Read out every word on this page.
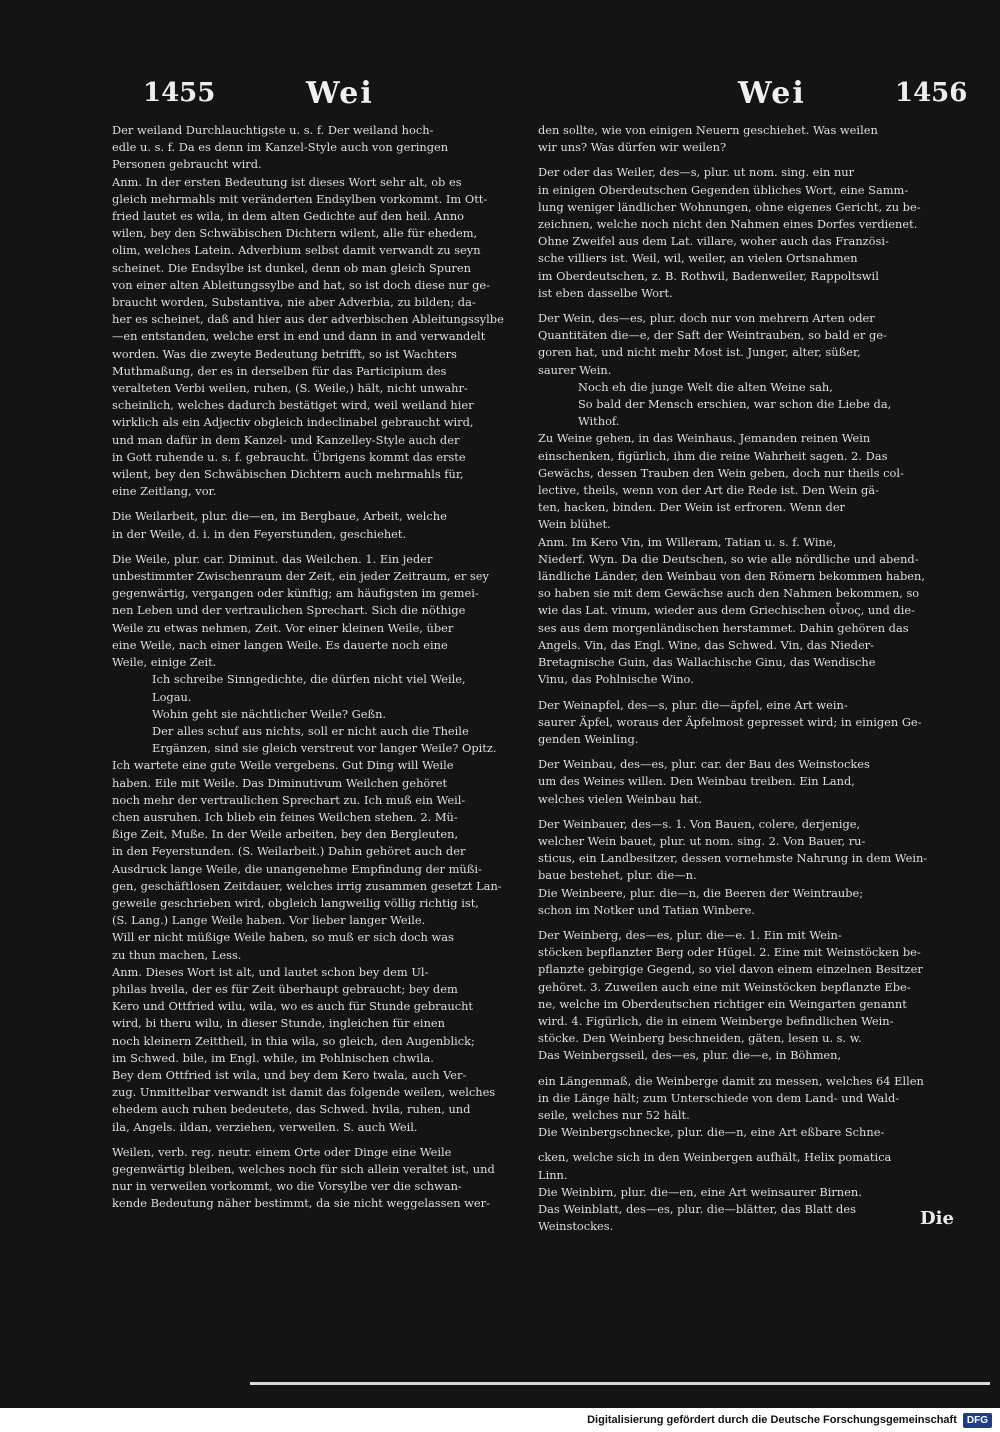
1455	Wei	Wei	1456

Der weiland Durchlauchtigste u. s. f. Der weiland hoch-

edle u. s. f. Da es denn im Kanzel-Style auch von geringen

Personen gebraucht wird.

Anm. In der ersten Bedeutung ist dieses Wort sehr alt, ob es

gleich mehrmahls mit veränderten Endsylben vorkommt. Im Ott-

fried lautet es wila, in dem alten Gedichte auf den heil. Anno

wilen, bey den Schwäbischen Dichtern wilent, alle für ehedem,

olim, welches Latein. Adverbium selbst damit verwandt zu seyn

scheinet. Die Endsylbe ist dunkel, denn ob man gleich Spuren

von einer alten Ableitungssylbe and hat, so ist doch diese nur ge-

braucht worden, Substantiva, nie aber Adverbia, zu bilden; da-

her es scheinet, daß and hier aus der adverbischen Ableitungssylbe

—en entstanden, welche erst in end und dann in and verwandelt

worden. Was die zweyte Bedeutung betrifft, so ist Wachters

Muthmaßung, der es in derselben für das Participium des

veralteten Verbi weilen, ruhen, (S. Weile,) hält, nicht unwahr-

scheinlich, welches dadurch bestätiget wird, weil weiland hier

wirklich als ein Adjectiv obgleich indeclinabel gebraucht wird,

und man dafür in dem Kanzel- und Kanzelley-Style auch der

in Gott ruhende u. s. f. gebraucht. Übrigens kommt das erste

wilent, bey den Schwäbischen Dichtern auch mehrmahls für,

eine Zeitlang, vor.

Die Weilarbeit, plur. die—en, im Bergbaue, Arbeit, welche

in der Weile, d. i. in den Feyerstunden, geschiehet.

Die Weile, plur. car. Diminut. das Weilchen. 1. Ein jeder

unbestimmter Zwischenraum der Zeit, ein jeder Zeitraum, er sey

gegenwärtig, vergangen oder künftig; am häufigsten im gemei-

nen Leben und der vertraulichen Sprechart. Sich die nöthige

Weile zu etwas nehmen, Zeit. Vor einer kleinen Weile, über

eine Weile, nach einer langen Weile. Es dauerte noch eine

Weile, einige Zeit.

Ich schreibe Sinngedichte, die dürfen nicht viel Weile,

Logau.

Wohin geht sie nächtlicher Weile? Geßn.

Der alles schuf aus nichts, soll er nicht auch die Theile

Ergänzen, sind sie gleich verstreut vor langer Weile? Opitz.

Ich wartete eine gute Weile vergebens. Gut Ding will Weile

haben. Eile mit Weile. Das Diminutivum Weilchen gehöret

noch mehr der vertraulichen Sprechart zu. Ich muß ein Weil-

chen ausruhen. Ich blieb ein feines Weilchen stehen. 2. Mü-

ßige Zeit, Muße. In der Weile arbeiten, bey den Bergleuten,

in den Feyerstunden. (S. Weilarbeit.) Dahin gehöret auch der

Ausdruck lange Weile, die unangenehme Empfindung der müßi-

gen, geschäftlosen Zeitdauer, welches irrig zusammen gesetzt Lan-

geweile geschrieben wird, obgleich langweilig völlig richtig ist,

(S. Lang.) Lange Weile haben. Vor lieber langer Weile.

Will er nicht müßige Weile haben, so muß er sich doch was

zu thun machen, Less.

Anm. Dieses Wort ist alt, und lautet schon bey dem Ul-

philas hveila, der es für Zeit überhaupt gebraucht; bey dem

Kero und Ottfried wilu, wila, wo es auch für Stunde gebraucht

wird, bi theru wilu, in dieser Stunde, ingleichen für einen

noch kleinern Zeittheil, in thia wila, so gleich, den Augenblick;

im Schwed. bile, im Engl. while, im Pohlnischen chwila.

Bey dem Ottfried ist wila, und bey dem Kero twala, auch Ver-

zug. Unmittelbar verwandt ist damit das folgende weilen, welches

ehedem auch ruhen bedeutete, das Schwed. hvila, ruhen, und

ila, Angels. ildan, verziehen, verweilen. S. auch Weil.

Weilen, verb. reg. neutr. einem Orte oder Dinge eine Weile

gegenwärtig bleiben, welches noch für sich allein veraltet ist, und

nur in verweilen vorkommt, wo die Vorsylbe ver die schwan-

kende Bedeutung näher bestimmt, da sie nicht weggelassen wer-

den sollte, wie von einigen Neuern geschiehet. Was weilen

wir uns? Was dürfen wir weilen?

Der oder das Weiler, des—s, plur. ut nom. sing. ein nur

in einigen Oberdeutschen Gegenden übliches Wort, eine Samm-

lung weniger ländlicher Wohnungen, ohne eigenes Gericht, zu be-

zeichnen, welche noch nicht den Nahmen eines Dorfes verdienet.

Ohne Zweifel aus dem Lat. villare, woher auch das Französi-

sche villiers ist. Weil, wil, weiler, an vielen Ortsnahmen

im Oberdeutschen, z. B. Rothwil, Badenweiler, Rappoltswil

ist eben dasselbe Wort.

Der Wein, des—es, plur. doch nur von mehrern Arten oder

Quantitäten die—e, der Saft der Weintrauben, so bald er ge-

goren hat, und nicht mehr Most ist. Junger, alter, süßer,

saurer Wein.

Noch eh die junge Welt die alten Weine sah,

So bald der Mensch erschien, war schon die Liebe da,

Withof.

Zu Weine gehen, in das Weinhaus. Jemanden reinen Wein

einschenken, figürlich, ihm die reine Wahrheit sagen. 2. Das

Gewächs, dessen Trauben den Wein geben, doch nur theils col-

lective, theils, wenn von der Art die Rede ist. Den Wein gä-

ten, hacken, binden. Der Wein ist erfroren. Wenn der

Wein blühet.

Anm. Im Kero Vin, im Willeram, Tatian u. s. f. Wine,

Niederf. Wyn. Da die Deutschen, so wie alle nördliche und abend-

ländliche Länder, den Weinbau von den Römern bekommen haben,

so haben sie mit dem Gewächse auch den Nahmen bekommen, so

wie das Lat. vinum, wieder aus dem Griechischen οἶνος, und die-

ses aus dem morgenländischen herstammet. Dahin gehören das

Angels. Vin, das Engl. Wine, das Schwed. Vin, das Nieder-

Bretagnische Guin, das Wallachische Ginu, das Wendische

Vinu, das Pohlnische Wino.

Der Weinapfel, des—s, plur. die—äpfel, eine Art wein-

saurer Äpfel, woraus der Äpfelmost gepresset wird; in einigen Ge-

genden Weinling.

Der Weinbau, des—es, plur. car. der Bau des Weinstockes

um des Weines willen. Den Weinbau treiben. Ein Land,

welches vielen Weinbau hat.

Der Weinbauer, des—s. 1. Von Bauen, colere, derjenige,

welcher Wein bauet, plur. ut nom. sing. 2. Von Bauer, ru-

sticus, ein Landbesitzer, dessen vornehmste Nahrung in dem Wein-

baue bestehet, plur. die—n.

Die Weinbeere, plur. die—n, die Beeren der Weintraube;

schon im Notker und Tatian Winbere.

Der Weinberg, des—es, plur. die—e. 1. Ein mit Wein-

stöcken bepflanzter Berg oder Hügel. 2. Eine mit Weinstöcken be-

pflanzte gebirgige Gegend, so viel davon einem einzelnen Besitzer

gehöret. 3. Zuweilen auch eine mit Weinstöcken bepflanzte Ebe-

ne, welche im Oberdeutschen richtiger ein Weingarten genannt

wird. 4. Figürlich, die in einem Weinberge befindlichen Wein-

stöcke. Den Weinberg beschneiden, gäten, lesen u. s. w.

Das Weinbergsseil, des—es, plur. die—e, in Böhmen,

ein Längenmaß, die Weinberge damit zu messen, welches 64 Ellen

in die Länge hält; zum Unterschiede von dem Land- und Wald-

seile, welches nur 52 hält.

Die Weinbergschnecke, plur. die—n, eine Art eßbare Schne-

cken, welche sich in den Weinbergen aufhält, Helix pomatica

Linn.

Die Weinbirn, plur. die—en, eine Art weinsaurer Birnen.

Das Weinblatt, des—es, plur. die—blätter, das Blatt des

Weinstockes.	Die
Digitalisierung gefördert durch die Deutsche Forschungsgemeinschaft	DFG
